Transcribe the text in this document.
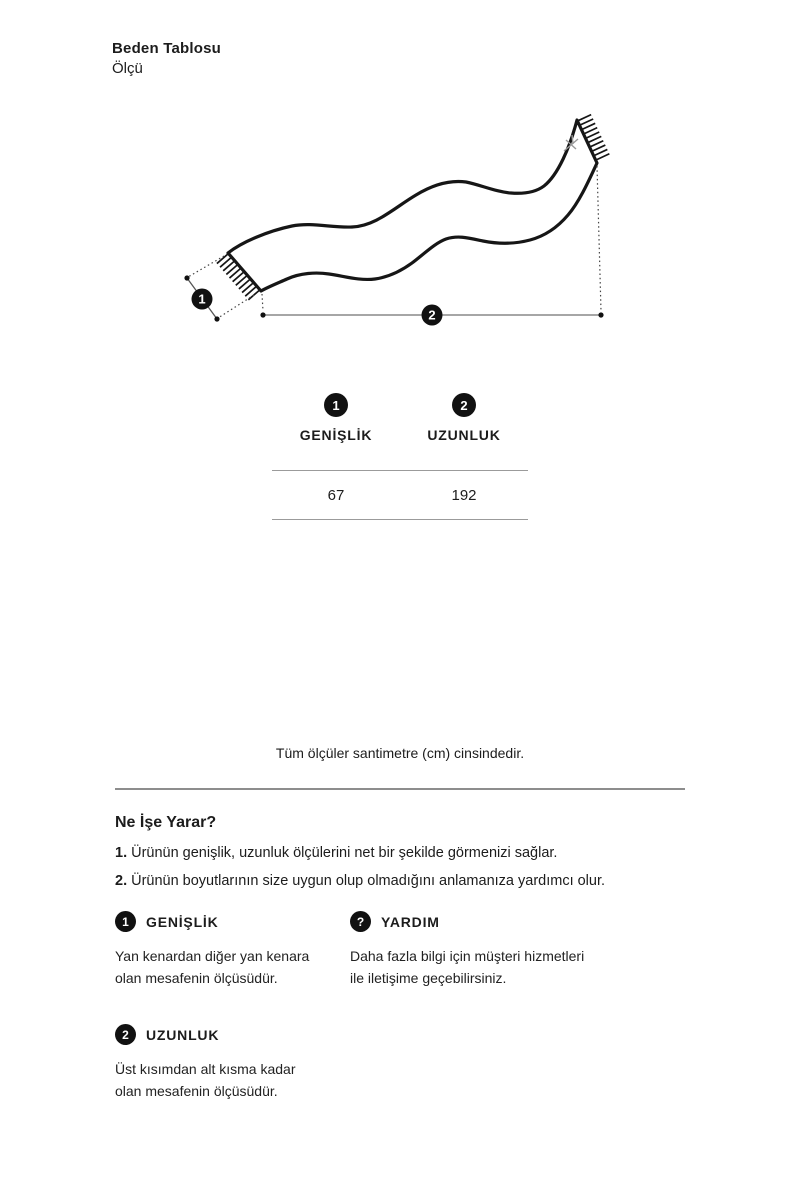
Beden Tablosu
Ölçü
1
2
1
GENİŞLİK
2
UZUNLUK
67	192
Tüm ölçüler santimetre (cm) cinsindedir.
Ne İşe Yarar?
1. Ürünün genişlik, uzunluk ölçülerini net bir şekilde görmenizi sağlar.
2. Ürünün boyutlarının size uygun olup olmadığını anlamanıza yardımcı olur.
1 GENİŞLİK
Yan kenardan diğer yan kenara
olan mesafenin ölçüsüdür.
? YARDIM
Daha fazla bilgi için müşteri hizmetleri
ile iletişime geçebilirsiniz.
2 UZUNLUK
Üst kısımdan alt kısma kadar
olan mesafenin ölçüsüdür.
